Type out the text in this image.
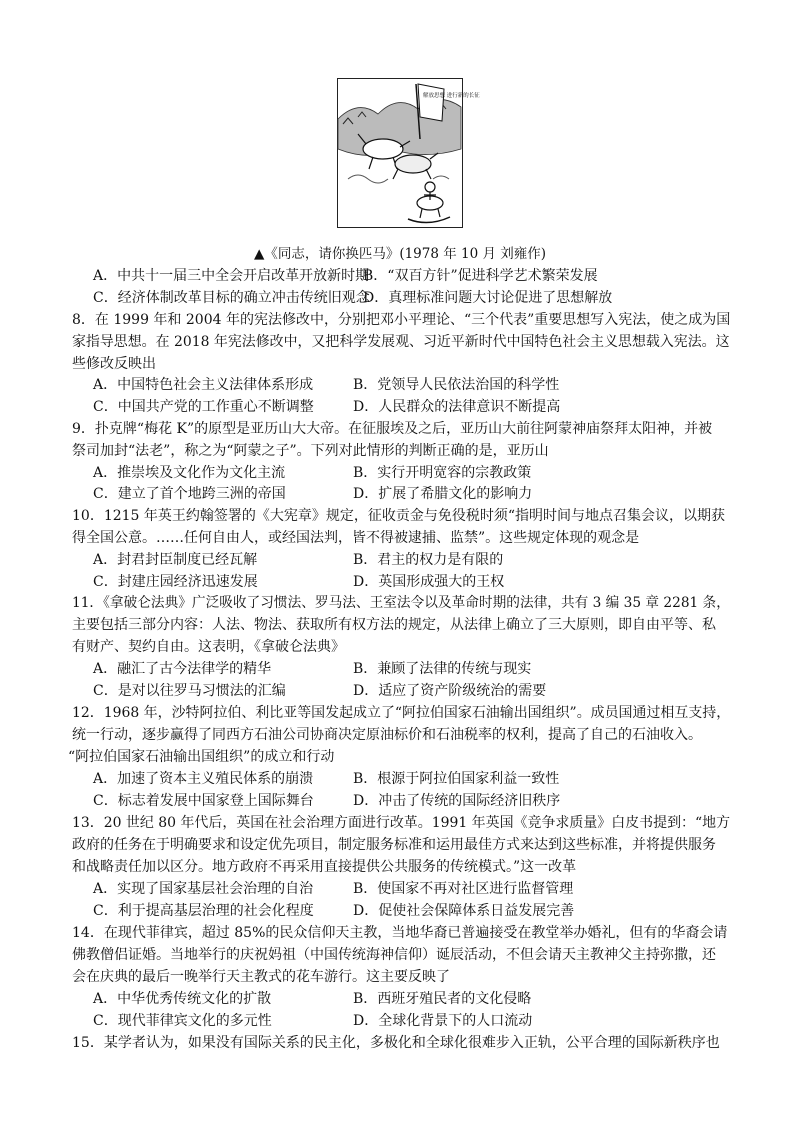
解放思想 进行新的长征
▲《同志，请你换匹马》(1978 年 10 月 刘雍作)
A．中共十一届三中全会开启改革开放新时期
B．“双百方针”促进科学艺术繁荣发展
C．经济体制改革目标的确立冲击传统旧观念
D．真理标准问题大讨论促进了思想解放
8．在 1999 年和 2004 年的宪法修改中，分别把邓小平理论、“三个代表”重要思想写入宪法，使之成为国
家指导思想。在 2018 年宪法修改中，又把科学发展观、习近平新时代中国特色社会主义思想载入宪法。这
些修改反映出
A．中国特色社会主义法律体系形成	B．党领导人民依法治国的科学性
C．中国共产党的工作重心不断调整	D．人民群众的法律意识不断提高
9．扑克牌“梅花 K”的原型是亚历山大大帝。在征服埃及之后，亚历山大前往阿蒙神庙祭拜太阳神，并被
祭司加封“法老”，称之为“阿蒙之子”。下列对此情形的判断正确的是，亚历山
A．推崇埃及文化作为文化主流	B．实行开明宽容的宗教政策
C．建立了首个地跨三洲的帝国	D．扩展了希腊文化的影响力
10．1215 年英王约翰签署的《大宪章》规定，征收贡金与免役税时须“指明时间与地点召集会议，以期获
得全国公意。……任何自由人，或经国法判，皆不得被逮捕、监禁”。这些规定体现的观念是
A．封君封臣制度已经瓦解	B．君主的权力是有限的
C．封建庄园经济迅速发展	D．英国形成强大的王权
11．《拿破仑法典》广泛吸收了习惯法、罗马法、王室法令以及革命时期的法律，共有 3 编 35 章 2281 条，
主要包括三部分内容：人法、物法、获取所有权方法的规定，从法律上确立了三大原则，即自由平等、私
有财产、契约自由。这表明，《拿破仑法典》
A．融汇了古今法律学的精华	B．兼顾了法律的传统与现实
C．是对以往罗马习惯法的汇编	D．适应了资产阶级统治的需要
12．1968 年，沙特阿拉伯、利比亚等国发起成立了“阿拉伯国家石油输出国组织”。成员国通过相互支持，
统一行动，逐步赢得了同西方石油公司协商决定原油标价和石油税率的权利，提高了自己的石油收入。
“阿拉伯国家石油输出国组织”的成立和行动
A．加速了资本主义殖民体系的崩溃	B．根源于阿拉伯国家利益一致性
C．标志着发展中国家登上国际舞台	D．冲击了传统的国际经济旧秩序
13．20 世纪 80 年代后，英国在社会治理方面进行改革。1991 年英国《竞争求质量》白皮书提到：“地方
政府的任务在于明确要求和设定优先项目，制定服务标准和运用最佳方式来达到这些标准，并将提供服务
和战略责任加以区分。地方政府不再采用直接提供公共服务的传统模式。”这一改革
A．实现了国家基层社会治理的自治	B．使国家不再对社区进行监督管理
C．利于提高基层治理的社会化程度	D．促使社会保障体系日益发展完善
14．在现代菲律宾，超过 85%的民众信仰天主教，当地华裔已普遍接受在教堂举办婚礼，但有的华裔会请
佛教僧侣证婚。当地举行的庆祝妈祖（中国传统海神信仰）诞辰活动，不但会请天主教神父主持弥撒，还
会在庆典的最后一晚举行天主教式的花车游行。这主要反映了
A．中华优秀传统文化的扩散	B．西班牙殖民者的文化侵略
C．现代菲律宾文化的多元性	D．全球化背景下的人口流动
15．某学者认为，如果没有国际关系的民主化，多极化和全球化很难步入正轨，公平合理的国际新秩序也
